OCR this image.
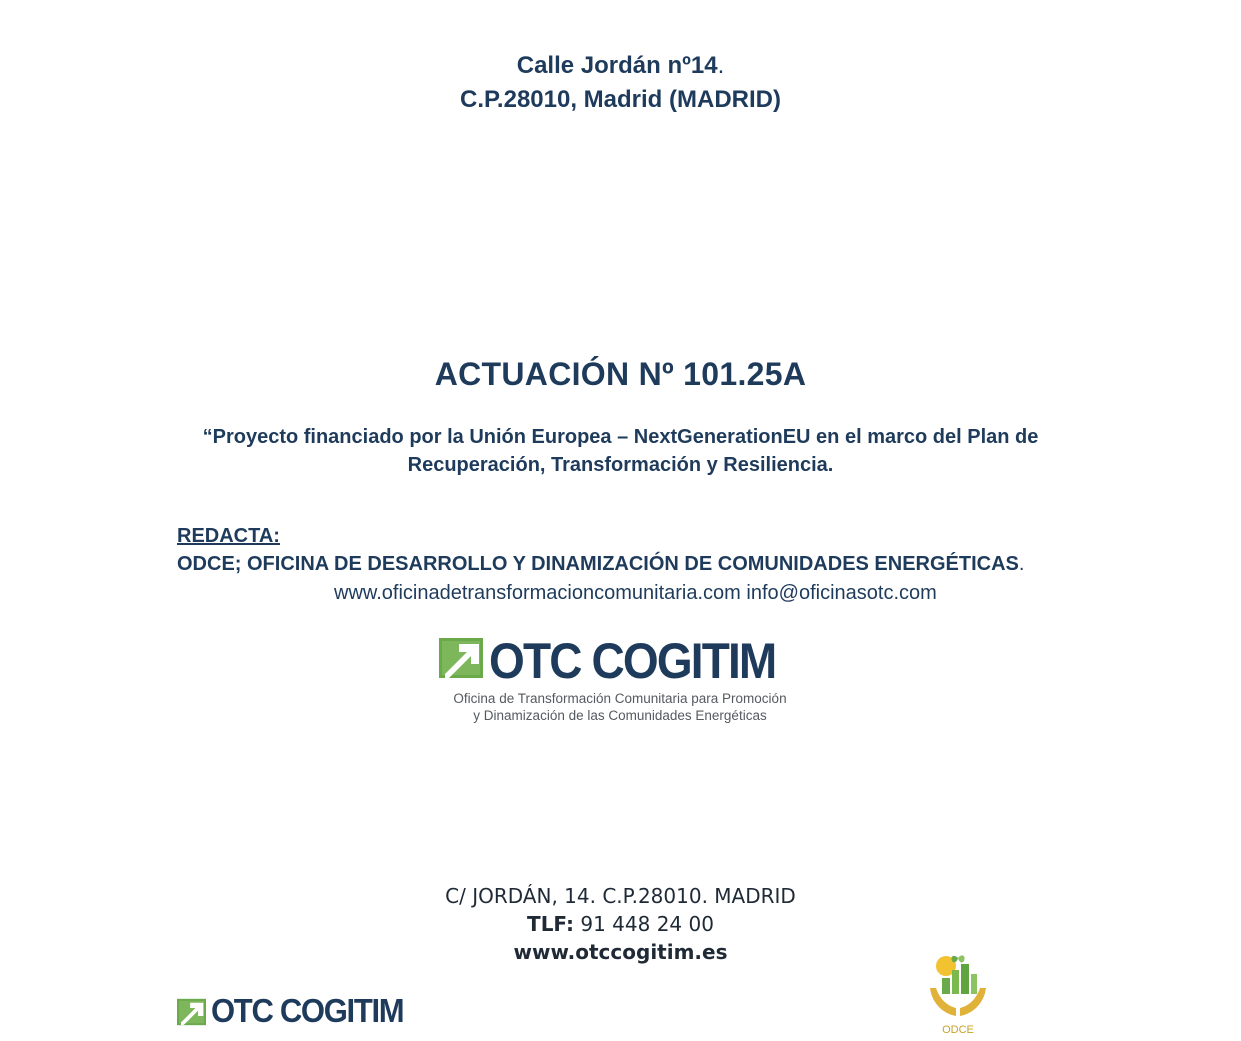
Calle Jordán nº14.
C.P.28010, Madrid (MADRID)
ACTUACIÓN Nº 101.25A
“Proyecto financiado por la Unión Europea – NextGenerationEU en el marco del Plan de
Recuperación, Transformación y Resiliencia.
REDACTA:
ODCE; OFICINA DE DESARROLLO Y DINAMIZACIÓN DE COMUNIDADES ENERGÉTICAS.
www.oficinadetransformacioncomunitaria.com info@oficinasotc.com
OTC COGITIM
Oficina de Transformación Comunitaria para Promoción
y Dinamización de las Comunidades Energéticas
C/ JORDÁN, 14. C.P.28010. MADRID
TLF: 91 448 24 00
www.otccogitim.es
OTC COGITIM
ODCE
